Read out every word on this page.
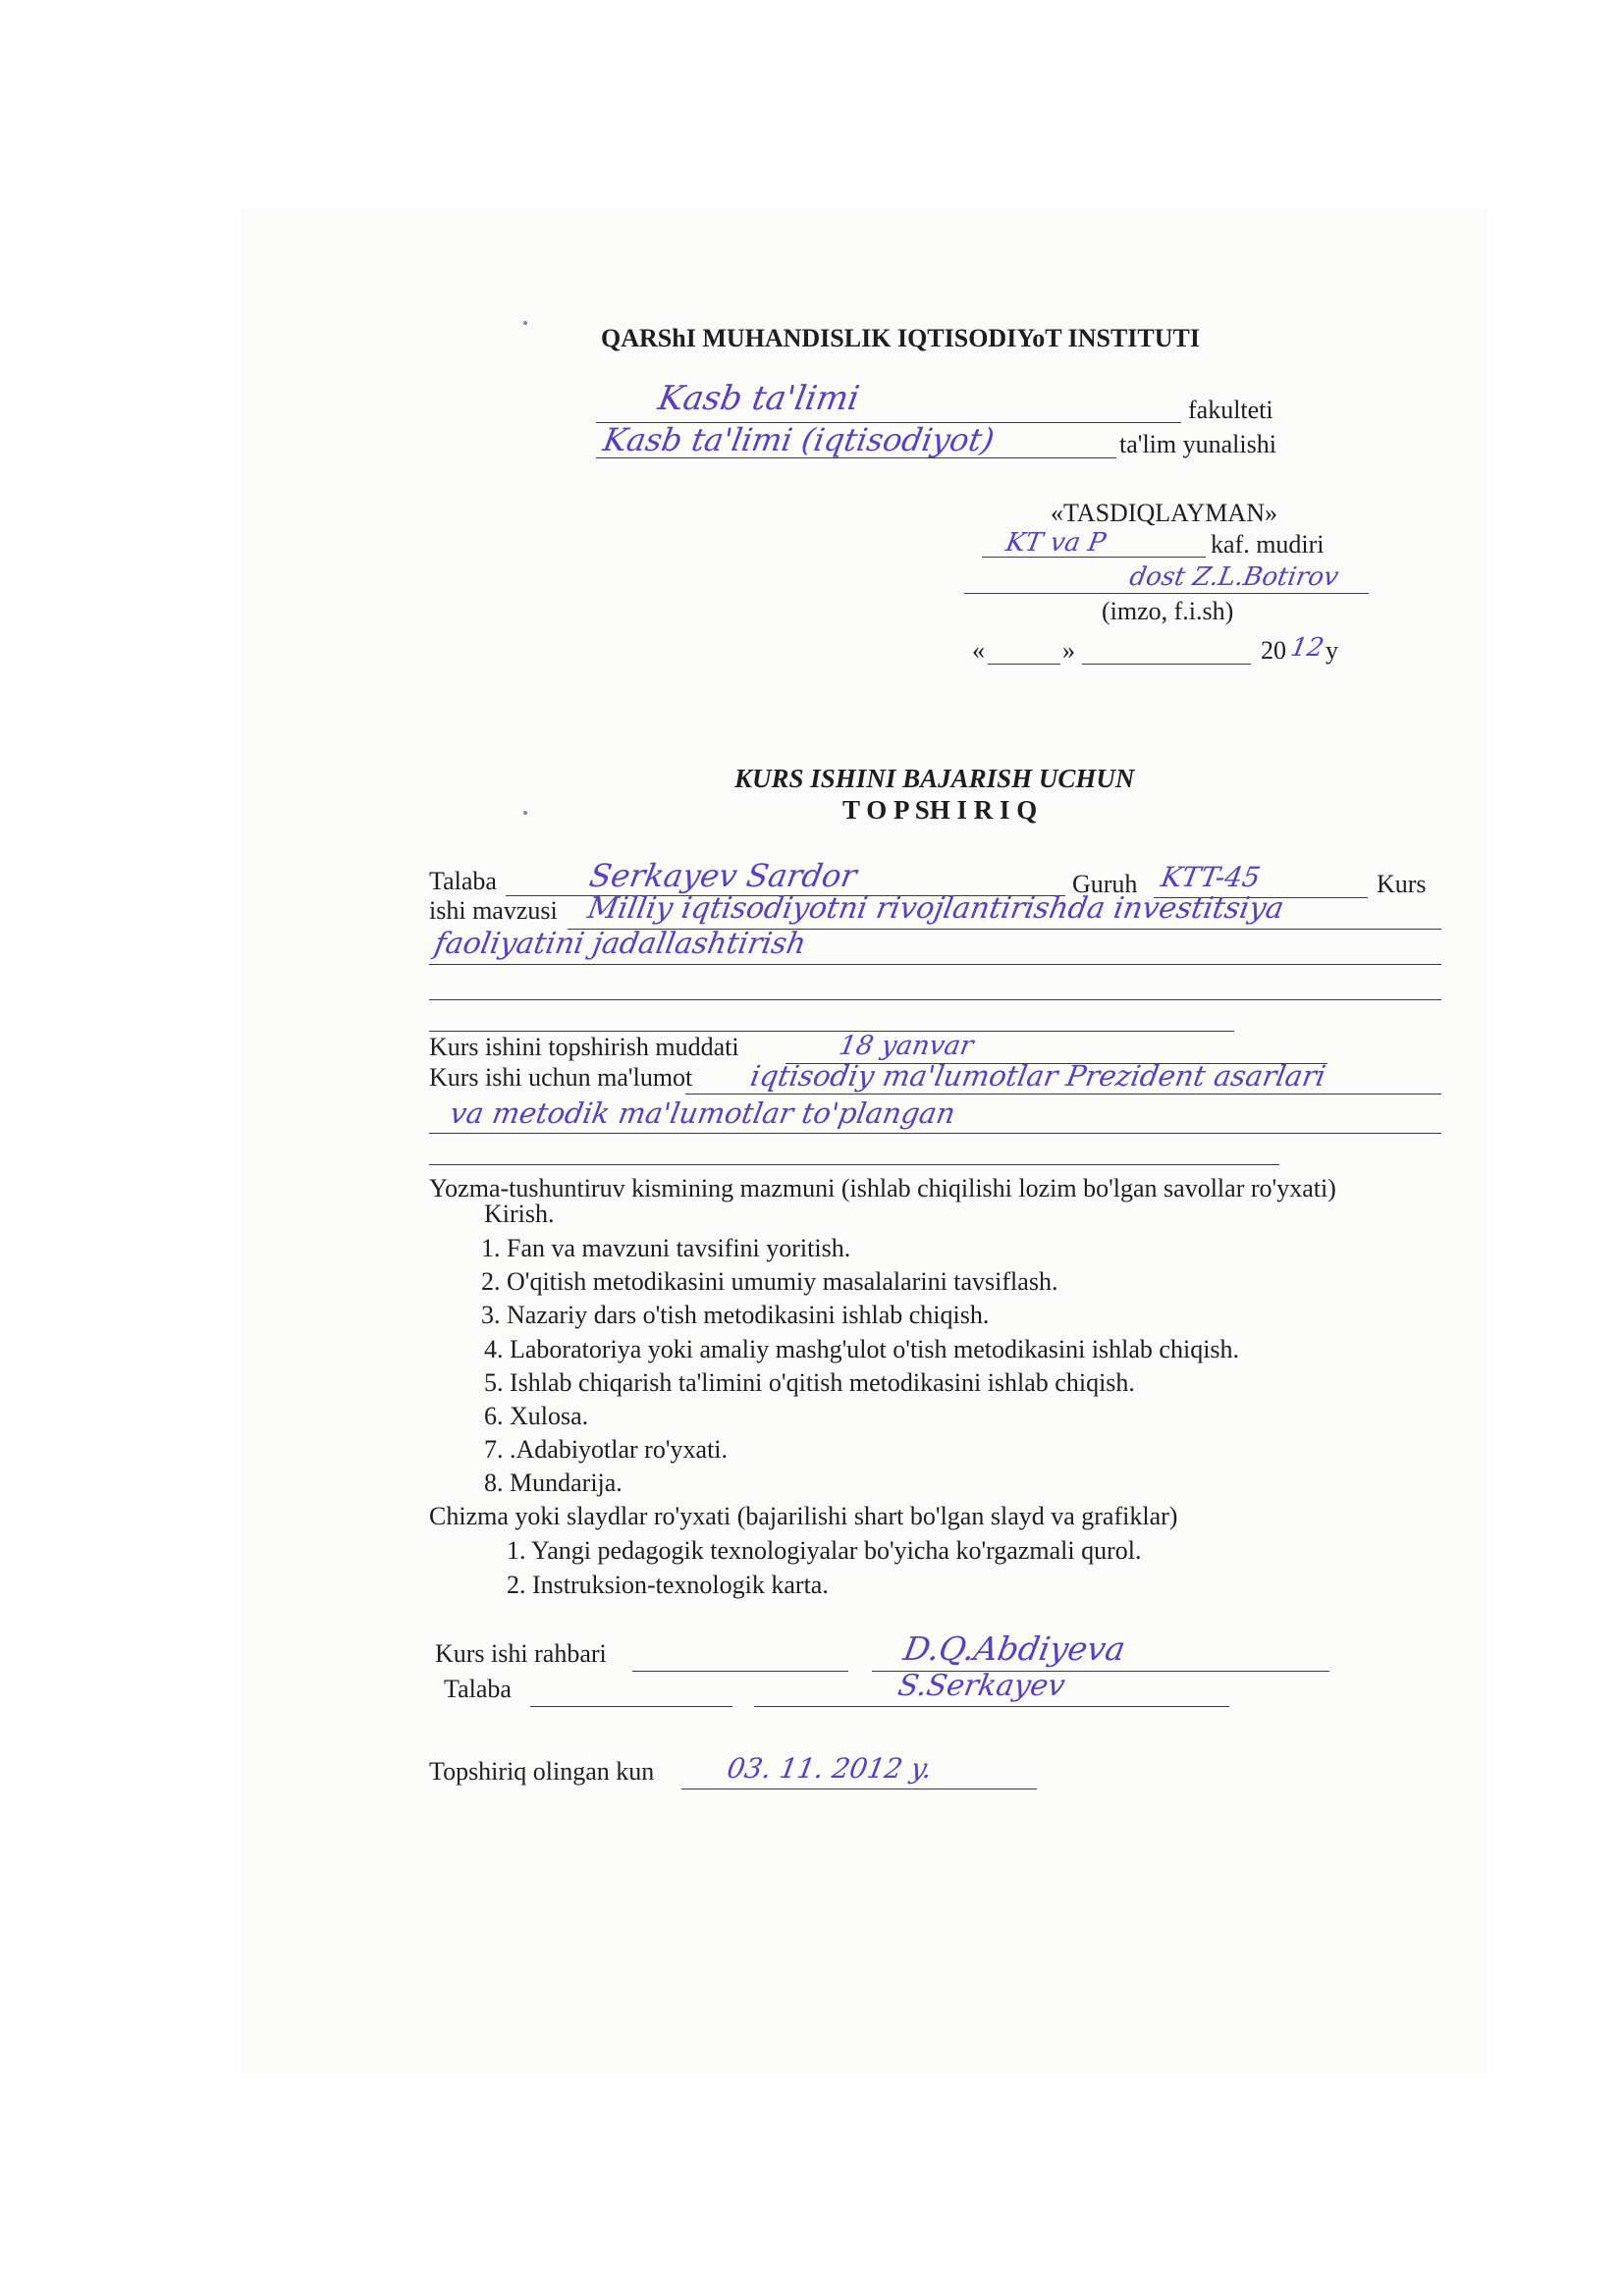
QARShI MUHANDISLIK IQTISODIYoT INSTITUTI
Kasb ta'limi	fakulteti
Kasb ta'limi (iqtisodiyot)	ta'lim yunalishi
«TASDIQLAYMAN»
KT va P	kaf. mudiri
dost Z.L.Botirov
(imzo, f.i.sh)
«	»	20 12 y
KURS ISHINI BAJARISH UCHUN
T O P SH I R I Q
Talaba	Serkayev Sardor	Guruh KTT-45	Kurs
ishi mavzusi Milliy iqtisodiyotni rivojlantirishda investitsiya
faoliyatini jadallashtirish
Kurs ishini topshirish muddati	18 yanvar
Kurs ishi uchun ma'lumot iqtisodiy ma'lumotlar Prezident asarlari
va metodik ma'lumotlar to'plangan
Yozma-tushuntiruv kismining mazmuni (ishlab chiqilishi lozim bo'lgan savollar ro'yxati)
Kirish.
1. Fan va mavzuni tavsifini yoritish.
2. O'qitish metodikasini umumiy masalalarini tavsiflash.
3. Nazariy dars o'tish metodikasini ishlab chiqish.
4. Laboratoriya yoki amaliy mashg'ulot o'tish metodikasini ishlab chiqish.
5. Ishlab chiqarish ta'limini o'qitish metodikasini ishlab chiqish.
6. Xulosa.
7. .Adabiyotlar ro'yxati.
8. Mundarija.
Chizma yoki slaydlar ro'yxati (bajarilishi shart bo'lgan slayd va grafiklar)
1. Yangi pedagogik texnologiyalar bo'yicha ko'rgazmali qurol.
2. Instruksion-texnologik karta.
Kurs ishi rahbari	D.Q.Abdiyeva
Talaba	S.Serkayev
Topshiriq olingan kun	03. 11. 2012 y.
